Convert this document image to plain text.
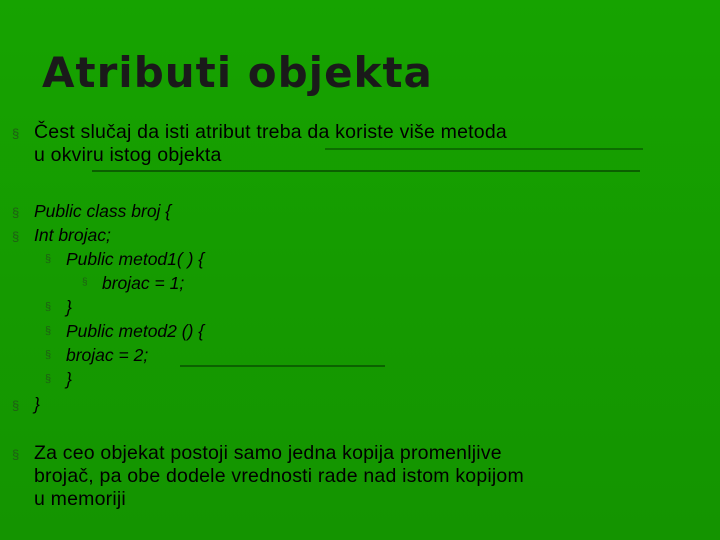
Atributi objekta
§ Čest slučaj da isti atribut treba da koriste više metoda
u okviru istog objekta
§ Public class broj {
§ Int brojac;
§ Public metod1( ) {
§ brojac = 1;
§ }
§ Public metod2 () {
§ brojac = 2;
§ }
§ }
§ Za ceo objekat postoji samo jedna kopija promenljive
brojač, pa obe dodele vrednosti rade nad istom kopijom
u memoriji
